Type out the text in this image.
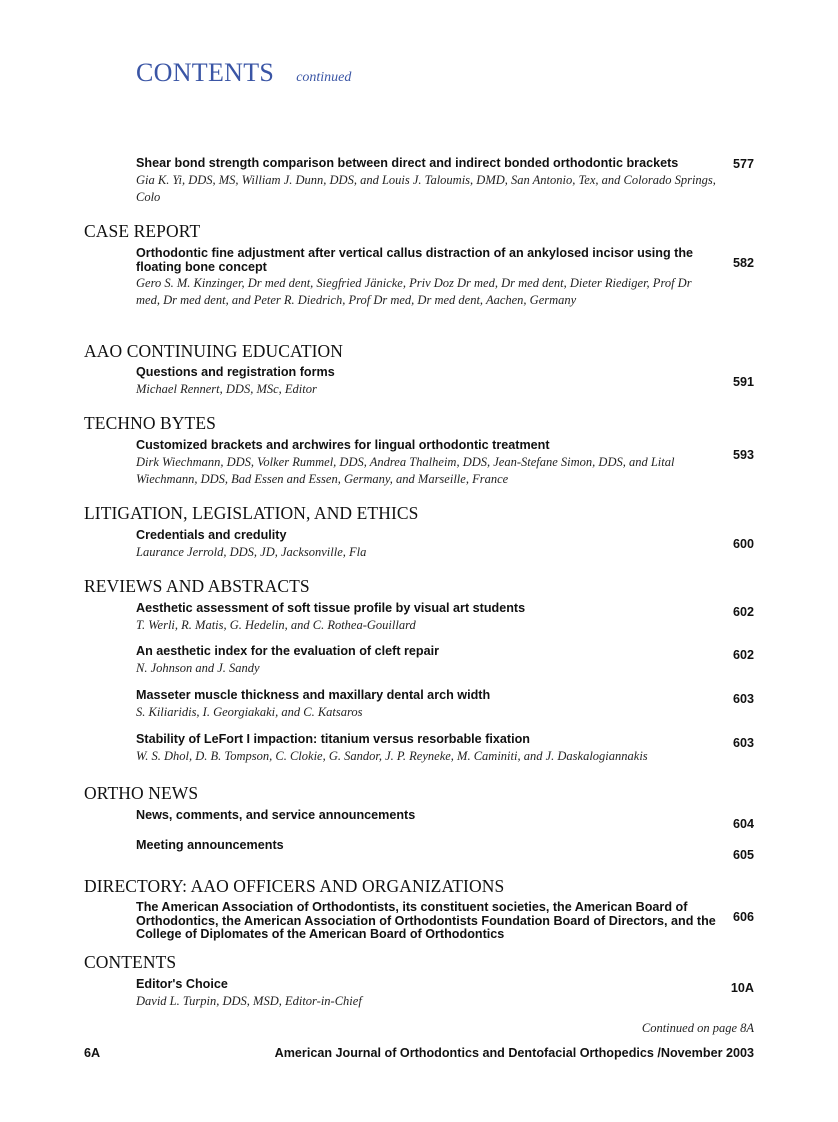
CONTENTS continued
Shear bond strength comparison between direct and indirect bonded orthodontic brackets
Gia K. Yi, DDS, MS, William J. Dunn, DDS, and Louis J. Taloumis, DMD, San Antonio, Tex, and Colorado Springs, Colo
577
CASE REPORT
Orthodontic fine adjustment after vertical callus distraction of an ankylosed incisor using the floating bone concept
Gero S. M. Kinzinger, Dr med dent, Siegfried Jänicke, Priv Doz Dr med, Dr med dent, Dieter Riediger, Prof Dr med, Dr med dent, and Peter R. Diedrich, Prof Dr med, Dr med dent, Aachen, Germany
582
AAO CONTINUING EDUCATION
Questions and registration forms
Michael Rennert, DDS, MSc, Editor	591
TECHNO BYTES
Customized brackets and archwires for lingual orthodontic treatment
Dirk Wiechmann, DDS, Volker Rummel, DDS, Andrea Thalheim, DDS, Jean-Stefane Simon, DDS, and Lital Wiechmann, DDS, Bad Essen and Essen, Germany, and Marseille, France
593
LITIGATION, LEGISLATION, AND ETHICS
Credentials and credulity
Laurance Jerrold, DDS, JD, Jacksonville, Fla
600
REVIEWS AND ABSTRACTS
Aesthetic assessment of soft tissue profile by visual art students
T. Werli, R. Matis, G. Hedelin, and C. Rothea-Gouillard
602
An aesthetic index for the evaluation of cleft repair
N. Johnson and J. Sandy
602
Masseter muscle thickness and maxillary dental arch width
S. Kiliaridis, I. Georgiakaki, and C. Katsaros
603
Stability of LeFort I impaction: titanium versus resorbable fixation
W. S. Dhol, D. B. Tompson, C. Clokie, G. Sandor, J. P. Reyneke, M. Caminiti, and J. Daskalogiannakis
603
ORTHO NEWS
News, comments, and service announcements
604
Meeting announcements
605
DIRECTORY: AAO OFFICERS AND ORGANIZATIONS
The American Association of Orthodontists, its constituent societies, the American Board of Orthodontics, the American Association of Orthodontists Foundation Board of Directors, and the College of Diplomates of the American Board of Orthodontics
606
CONTENTS
Editor's Choice
David L. Turpin, DDS, MSD, Editor-in-Chief
10A
Continued on page 8A
6A	American Journal of Orthodontics and Dentofacial Orthopedics /November 2003
